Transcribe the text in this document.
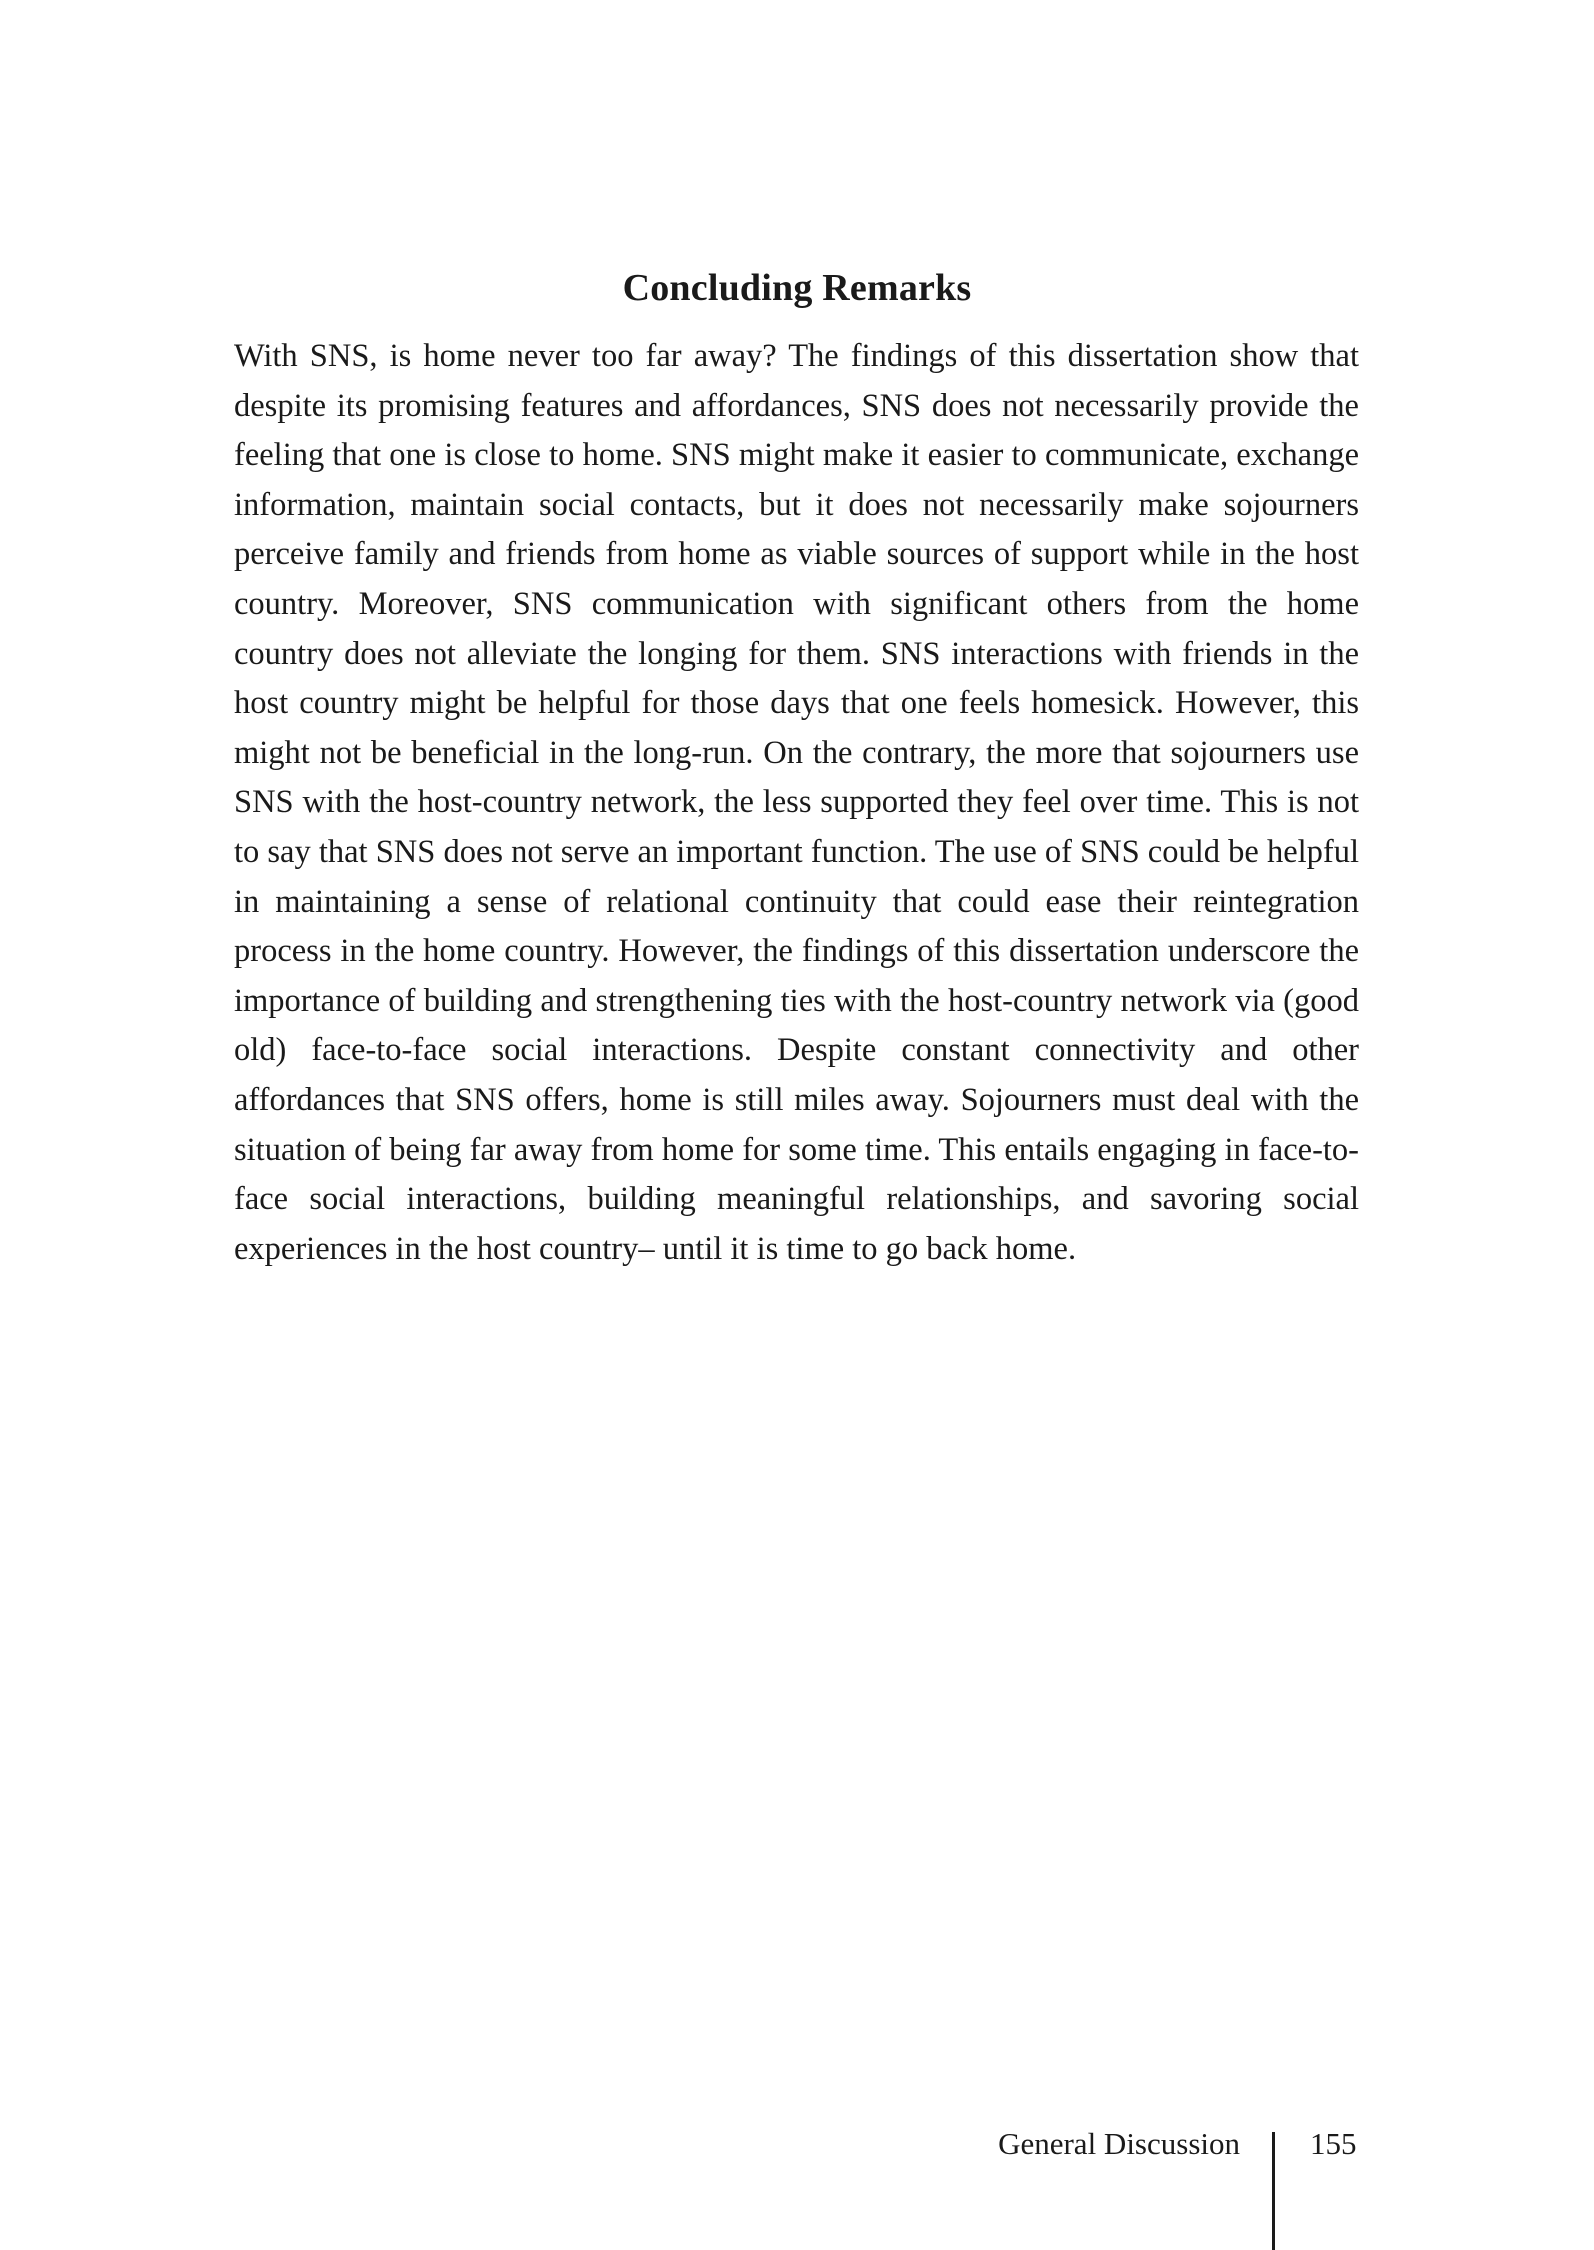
Concluding Remarks

With SNS, is home never too far away? The findings of this dissertation show that despite its promising features and affordances, SNS does not necessarily provide the feeling that one is close to home. SNS might make it easier to communicate, exchange information, maintain social contacts, but it does not necessarily make sojourners perceive family and friends from home as viable sources of support while in the host country. Moreover, SNS communication with significant others from the home country does not alleviate the longing for them. SNS interactions with friends in the host country might be helpful for those days that one feels homesick. However, this might not be beneficial in the long-run. On the contrary, the more that sojourners use SNS with the host-country network, the less supported they feel over time. This is not to say that SNS does not serve an important function. The use of SNS could be helpful in maintaining a sense of relational continuity that could ease their reintegration process in the home country. However, the findings of this dissertation underscore the importance of building and strengthening ties with the host-country network via (good old) face-to-face social interactions. Despite constant connectivity and other affordances that SNS offers, home is still miles away. Sojourners must deal with the situation of being far away from home for some time. This entails engaging in face-to-face social interactions, building meaningful relationships, and savoring social experiences in the host country– until it is time to go back home.

General Discussion 155
